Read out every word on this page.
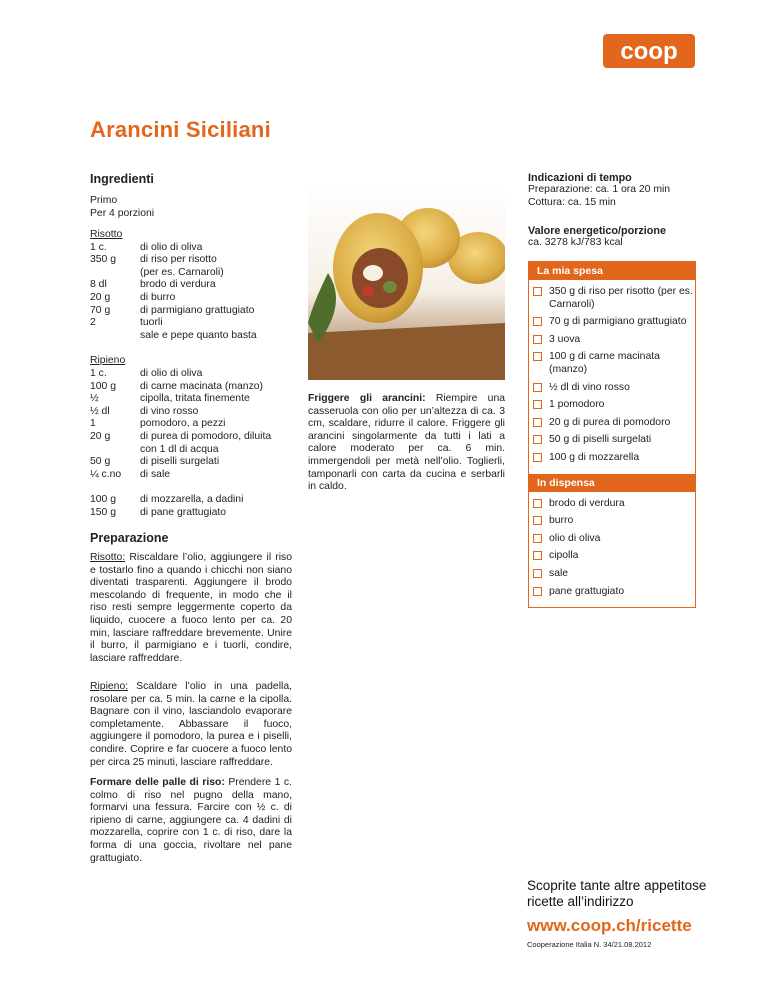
coop
Arancini Siciliani
Ingredienti
Primo
Per 4 porzioni
Risotto
1 c.	di olio di oliva
350 g	di riso per risotto
(per es. Carnaroli)
8 dl	brodo di verdura
20 g	di burro
70 g	di parmigiano grattugiato
2	tuorli
sale e pepe quanto basta
Ripieno
1 c.	di olio di oliva
100 g	di carne macinata (manzo)
½	cipolla, tritata finemente
½ dl	di vino rosso
1	pomodoro, a pezzi
20 g	di purea di pomodoro, diluita
con 1 dl di acqua
50 g	di piselli surgelati
¼ c.no	di sale
100 g	di mozzarella, a dadini
150 g	di pane grattugiato
Preparazione
Risotto: Riscaldare l’olio, aggiungere il riso e tostarlo fino a quando i chicchi non siano diventati trasparenti. Aggiungere il brodo mescolando di frequente, in modo che il riso resti sempre leggermente coperto da liquido, cuocere a fuoco lento per ca. 20 min, lasciare raffreddare brevemente. Unire il burro, il parmigiano e i tuorli, condire, lasciare raffreddare.
Ripieno: Scaldare l’olio in una padella, rosolare per ca. 5 min. la carne e la cipolla. Bagnare con il vino, lasciandolo evaporare completamente. Abbassare il fuoco, aggiungere il pomodoro, la purea e i piselli, condire. Coprire e far cuocere a fuoco lento per circa 25 minuti, lasciare raffreddare.
Formare delle palle di riso: Prendere 1 c. colmo di riso nel pugno della mano, formarvi una fessura. Farcire con ½ c. di ripieno di carne, aggiungere ca. 4 dadini di mozzarella, coprire con 1 c. di riso, dare la forma di una goccia, rivoltare nel pane grattugiato.
Friggere gli arancini: Riempire una casseruola con olio per un’altezza di ca. 3 cm, scaldare, ridurre il calore. Friggere gli arancini singolarmente da tutti i lati a calore moderato per ca. 6 min. immergendoli per metà nell’olio. Toglierli, tamponarli con carta da cucina e serbarli in caldo.
Indicazioni di tempo
Preparazione: ca. 1 ora 20 min
Cottura: ca. 15 min
Valore energetico/porzione
ca. 3278 kJ/783 kcal
La mia spesa
350 g di riso per risotto (per es. Carnaroli)
70 g di parmigiano grattugiato
3 uova
100 g di carne macinata (manzo)
½ dl di vino rosso
1 pomodoro
20 g di purea di pomodoro
50 g di piselli surgelati
100 g di mozzarella
In dispensa
brodo di verdura
burro
olio di oliva
cipolla
sale
pane grattugiato
Scoprite tante altre appetitose
ricette all’indirizzo
www.coop.ch/ricette
Cooperazione Italia N. 34/21.08.2012
